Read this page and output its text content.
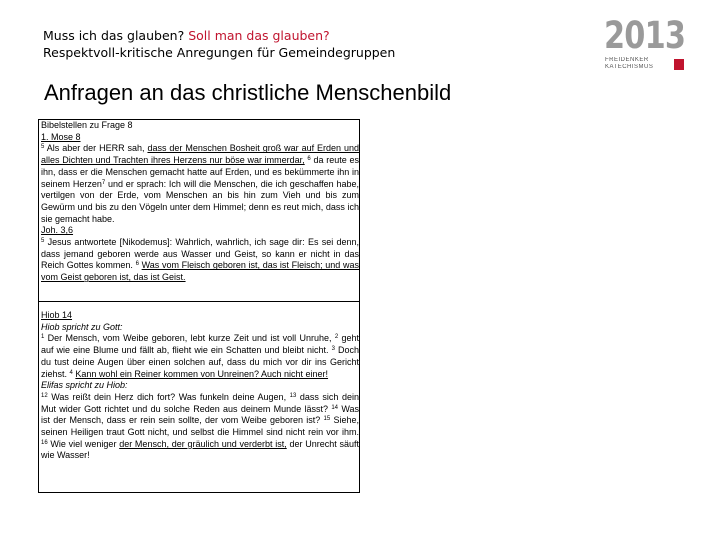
Muss ich das glauben? Soll man das glauben?
Respektvoll-kritische Anregungen für Gemeindegruppen	2013
FREIDENKER
KATECHISMUS
Anfragen an das christliche Menschenbild

Bibelstellen zu Frage 8

1. Mose 8

$^5$ Als aber der HERR sah, dass der Menschen Bosheit groß war auf Erden und alles Dichten und Trachten ihres Herzens nur böse war immerdar, $^6$ da reute es ihn, dass er die Menschen gemacht hatte auf Erden, und es bekümmerte ihn in seinem Herzen$^7$ und er sprach: Ich will die Menschen, die ich geschaffen habe, vertilgen von der Erde, vom Menschen an bis hin zum Vieh und bis zum Gewürm und bis zu den Vögeln unter dem Himmel; denn es reut mich, dass ich sie gemacht habe.

Joh. 3,6

$^5$ Jesus antwortete [Nikodemus]: Wahrlich, wahrlich, ich sage dir: Es sei denn, dass jemand geboren werde aus Wasser und Geist, so kann er nicht in das Reich Gottes kommen. $^6$ Was vom Fleisch geboren ist, das ist Fleisch; und was vom Geist geboren ist, das ist Geist.

Hiob 14

Hiob spricht zu Gott:

$^1$ Der Mensch, vom Weibe geboren, lebt kurze Zeit und ist voll Unruhe, $^2$ geht auf wie eine Blume und fällt ab, flieht wie ein Schatten und bleibt nicht. $^3$ Doch du tust deine Augen über einen solchen auf, dass du mich vor dir ins Gericht ziehst. $^4$ Kann wohl ein Reiner kommen von Unreinen? Auch nicht einer!

Elifas spricht zu Hiob:

$^{12}$ Was reißt dein Herz dich fort? Was funkeln deine Augen, $^{13}$ dass sich dein Mut wider Gott richtet und du solche Reden aus deinem Munde lässt? $^{14}$ Was ist der Mensch, dass er rein sein sollte, der vom Weibe geboren ist? $^{15}$ Siehe, seinen Heiligen traut Gott nicht, und selbst die Himmel sind nicht rein vor ihm. $^{16}$ Wie viel weniger der Mensch, der gräulich und verderbt ist, der Unrecht säuft wie Wasser!
